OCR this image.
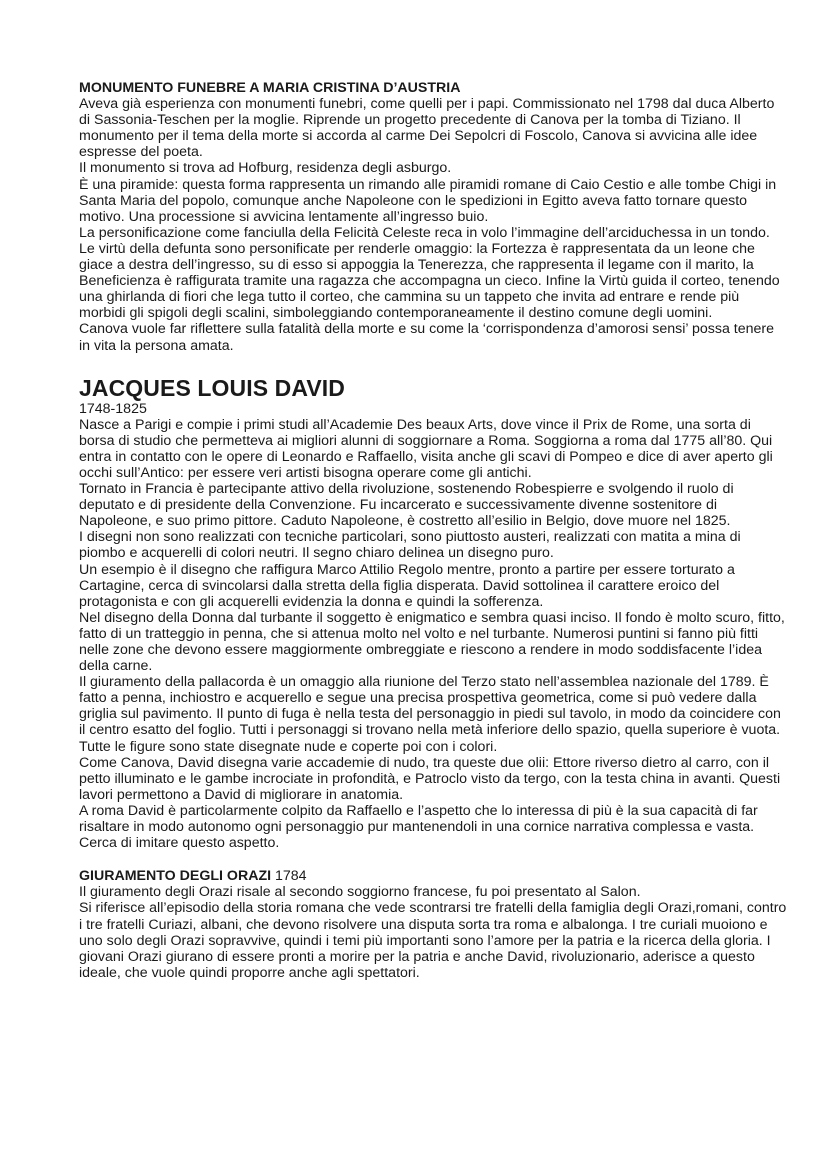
MONUMENTO FUNEBRE A MARIA CRISTINA D’AUSTRIA

Aveva già esperienza con monumenti funebri, come quelli per i papi. Commissionato nel 1798 dal duca Alberto di Sassonia-Teschen per la moglie. Riprende un progetto precedente di Canova per la tomba di Tiziano. Il monumento per il tema della morte si accorda al carme Dei Sepolcri di Foscolo, Canova si avvicina alle idee espresse del poeta.

Il monumento si trova ad Hofburg, residenza degli asburgo.

È una piramide: questa forma rappresenta un rimando alle piramidi romane di Caio Cestio e alle tombe Chigi in Santa Maria del popolo, comunque anche Napoleone con le spedizioni in Egitto aveva fatto tornare questo motivo. Una processione si avvicina lentamente all’ingresso buio.

La personificazione come fanciulla della Felicità Celeste reca in volo l’immagine dell’arciduchessa in un tondo. Le virtù della defunta sono personificate per renderle omaggio: la Fortezza è rappresentata da un leone che giace a destra dell’ingresso, su di esso si appoggia la Tenerezza, che rappresenta il legame con il marito, la Beneficienza è raffigurata tramite una ragazza che accompagna un cieco. Infine la Virtù guida il corteo, tenendo una ghirlanda di fiori che lega tutto il corteo, che cammina su un tappeto che invita ad entrare e rende più morbidi gli spigoli degli scalini, simboleggiando contemporaneamente il destino comune degli uomini.

Canova vuole far riflettere sulla fatalità della morte e su come la ‘corrispondenza d’amorosi sensi’ possa tenere in vita la persona amata.

JACQUES LOUIS DAVID

1748-1825

Nasce a Parigi e compie i primi studi all’Academie Des beaux Arts, dove vince il Prix de Rome, una sorta di borsa di studio che permetteva ai migliori alunni di soggiornare a Roma. Soggiorna a roma dal 1775 all’80. Qui entra in contatto con le opere di Leonardo e Raffaello, visita anche gli scavi di Pompeo e dice di aver aperto gli occhi sull’Antico: per essere veri artisti bisogna operare come gli antichi.

Tornato in Francia è partecipante attivo della rivoluzione, sostenendo Robespierre e svolgendo il ruolo di deputato e di presidente della Convenzione. Fu incarcerato e successivamente divenne sostenitore di Napoleone, e suo primo pittore. Caduto Napoleone, è costretto all’esilio in Belgio, dove muore nel 1825.

I disegni non sono realizzati con tecniche particolari, sono piuttosto austeri, realizzati con matita a mina di piombo e acquerelli di colori neutri. Il segno chiaro delinea un disegno puro.

Un esempio è il disegno che raffigura Marco Attilio Regolo mentre, pronto a partire per essere torturato a Cartagine, cerca di svincolarsi dalla stretta della figlia disperata. David sottolinea il carattere eroico del protagonista e con gli acquerelli evidenzia la donna e quindi la sofferenza.

Nel disegno della Donna dal turbante il soggetto è enigmatico e sembra quasi inciso. Il fondo è molto scuro, fitto, fatto di un tratteggio in penna, che si attenua molto nel volto e nel turbante. Numerosi puntini si fanno più fitti nelle zone che devono essere maggiormente ombreggiate e riescono a rendere in modo soddisfacente l’idea della carne.

Il giuramento della pallacorda è un omaggio alla riunione del Terzo stato nell’assemblea nazionale del 1789. È fatto a penna, inchiostro e acquerello e segue una precisa prospettiva geometrica, come si può vedere dalla griglia sul pavimento. Il punto di fuga è nella testa del personaggio in piedi sul tavolo, in modo da coincidere con il centro esatto del foglio. Tutti i personaggi si trovano nella metà inferiore dello spazio, quella superiore è vuota. Tutte le figure sono state disegnate nude e coperte poi con i colori.

Come Canova, David disegna varie accademie di nudo, tra queste due olii: Ettore riverso dietro al carro, con il petto illuminato e le gambe incrociate in profondità, e Patroclo visto da tergo, con la testa china in avanti. Questi lavori permettono a David di migliorare in anatomia.

A roma David è particolarmente colpito da Raffaello e l’aspetto che lo interessa di più è la sua capacità di far risaltare in modo autonomo ogni personaggio pur mantenendoli in una cornice narrativa complessa e vasta. Cerca di imitare questo aspetto.

GIURAMENTO DEGLI ORAZI 1784

Il giuramento degli Orazi risale al secondo soggiorno francese, fu poi presentato al Salon.

Si riferisce all’episodio della storia romana che vede scontrarsi tre fratelli della famiglia degli Orazi,romani, contro i tre fratelli Curiazi, albani, che devono risolvere una disputa sorta tra roma e albalonga. I tre curiali muoiono e uno solo degli Orazi sopravvive, quindi i temi più importanti sono l’amore per la patria e la ricerca della gloria. I giovani Orazi giurano di essere pronti a morire per la patria e anche David, rivoluzionario, aderisce a questo ideale, che vuole quindi proporre anche agli spettatori.
